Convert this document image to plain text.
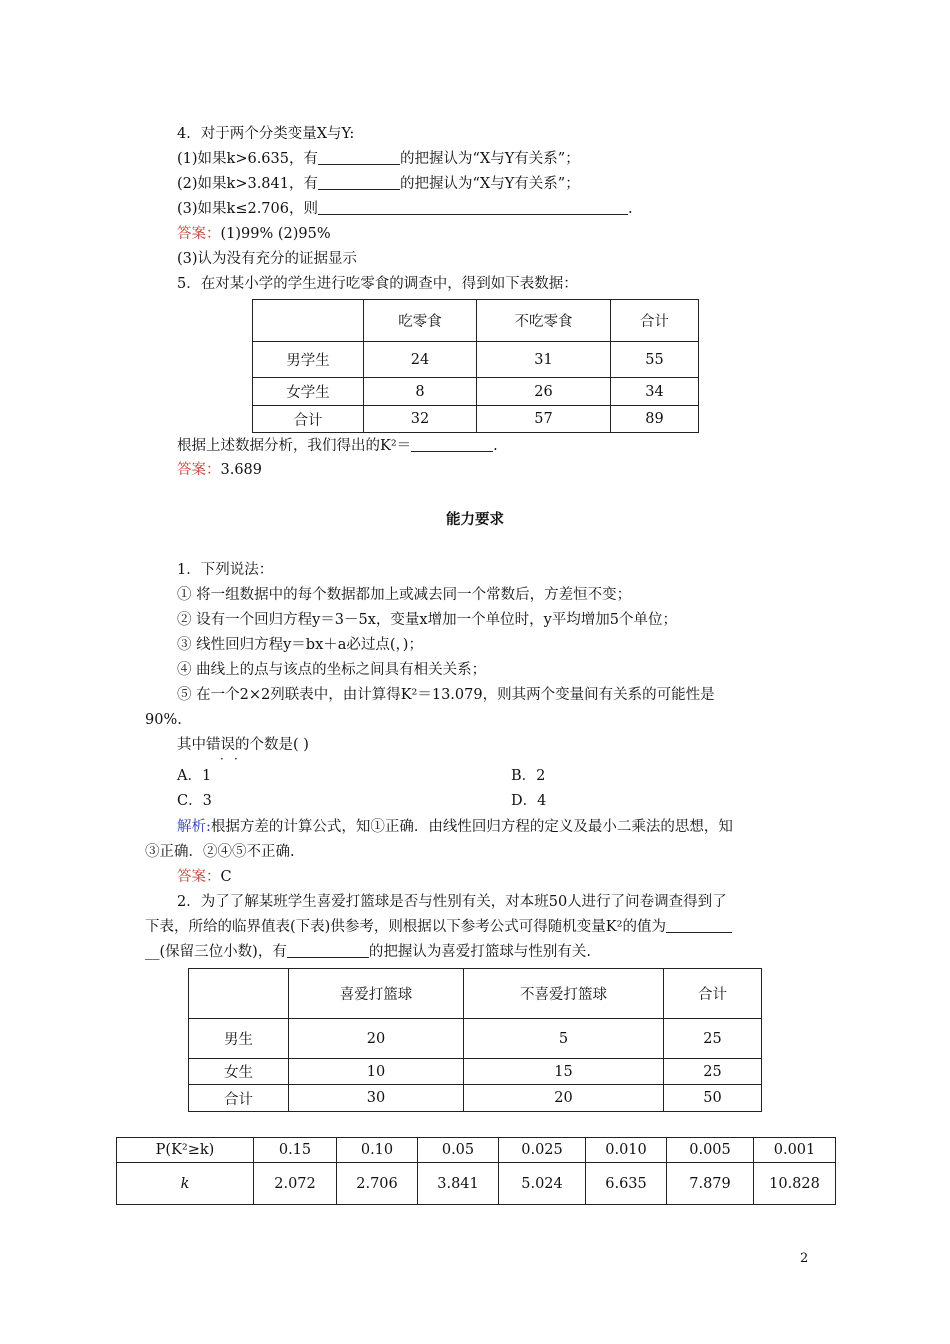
4．对于两个分类变量X与Y:
(1)如果k>6.635，有	的把握认为“X与Y有关系”；
(2)如果k>3.841，有	的把握认为“X与Y有关系”；
(3)如果k≤2.706，则	.
答案：(1)99% (2)95%
(3)认为没有充分的证据显示
5．在对某小学的学生进行吃零食的调查中，得到如下表数据：
	吃零食	不吃零食	合计
男学生	24	31	55
女学生	8	26	34
合计	32	57	89
根据上述数据分析，我们得出的K²＝	.
答案：3.689
能力要求
1．下列说法：
① 将一组数据中的每个数据都加上或减去同一个常数后，方差恒不变；
② 设有一个回归方程y＝3－5x，变量x增加一个单位时，y平均增加5个单位；
③ 线性回归方程y＝bx＋a必过点(，)；
④ 曲线上的点与该点的坐标之间具有相关关系；
⑤ 在一个2×2列联表中，由计算得K²＝13.079，则其两个变量间有关系的可能性是
90%.
其中错误的个数是( )
· ·
A．1	B．2
C．3	D．4
解析:根据方差的计算公式，知①正确．由线性回归方程的定义及最小二乘法的思想，知
③正确．②④⑤不正确.
答案：C
2．为了了解某班学生喜爱打篮球是否与性别有关，对本班50人进行了问卷调查得到了
下表，所给的临界值表(下表)供参考，则根据以下参考公式可得随机变量K²的值为
__(保留三位小数)，有	的把握认为喜爱打篮球与性别有关.
	喜爱打篮球	不喜爱打篮球	合计
男生	20	5	25
女生	10	15	25
合计	30	20	50
P(K²≥k)	0.15	0.10	0.05	0.025	0.010	0.005	0.001
k	2.072	2.706	3.841	5.024	6.635	7.879	10.828
2
